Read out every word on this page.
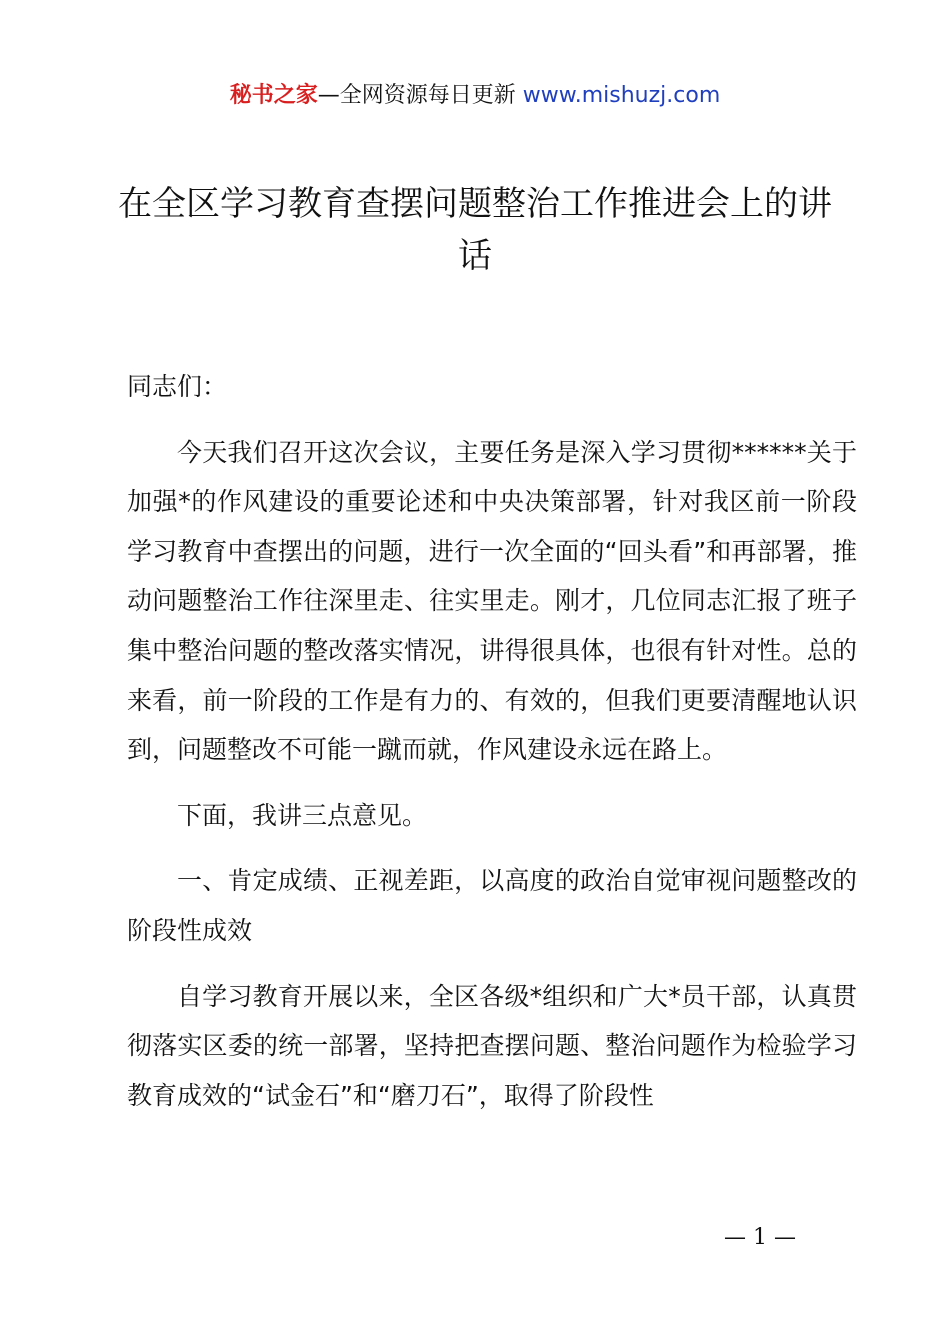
秘书之家—全网资源每日更新 www.mishuzj.com
在全区学习教育查摆问题整治工作推进会上的讲话

同志们：

今天我们召开这次会议，主要任务是深入学习贯彻******关于加强*的作风建设的重要论述和中央决策部署，针对我区前一阶段学习教育中查摆出的问题，进行一次全面的“回头看”和再部署，推动问题整治工作往深里走、往实里走。刚才，几位同志汇报了班子集中整治问题的整改落实情况，讲得很具体，也很有针对性。总的来看，前一阶段的工作是有力的、有效的，但我们更要清醒地认识到，问题整改不可能一蹴而就，作风建设永远在路上。

下面，我讲三点意见。

一、肯定成绩、正视差距，以高度的政治自觉审视问题整改的阶段性成效

自学习教育开展以来，全区各级*组织和广大*员干部，认真贯彻落实区委的统一部署，坚持把查摆问题、整治问题作为检验学习教育成效的“试金石”和“磨刀石”，取得了阶段性

— 1 —
